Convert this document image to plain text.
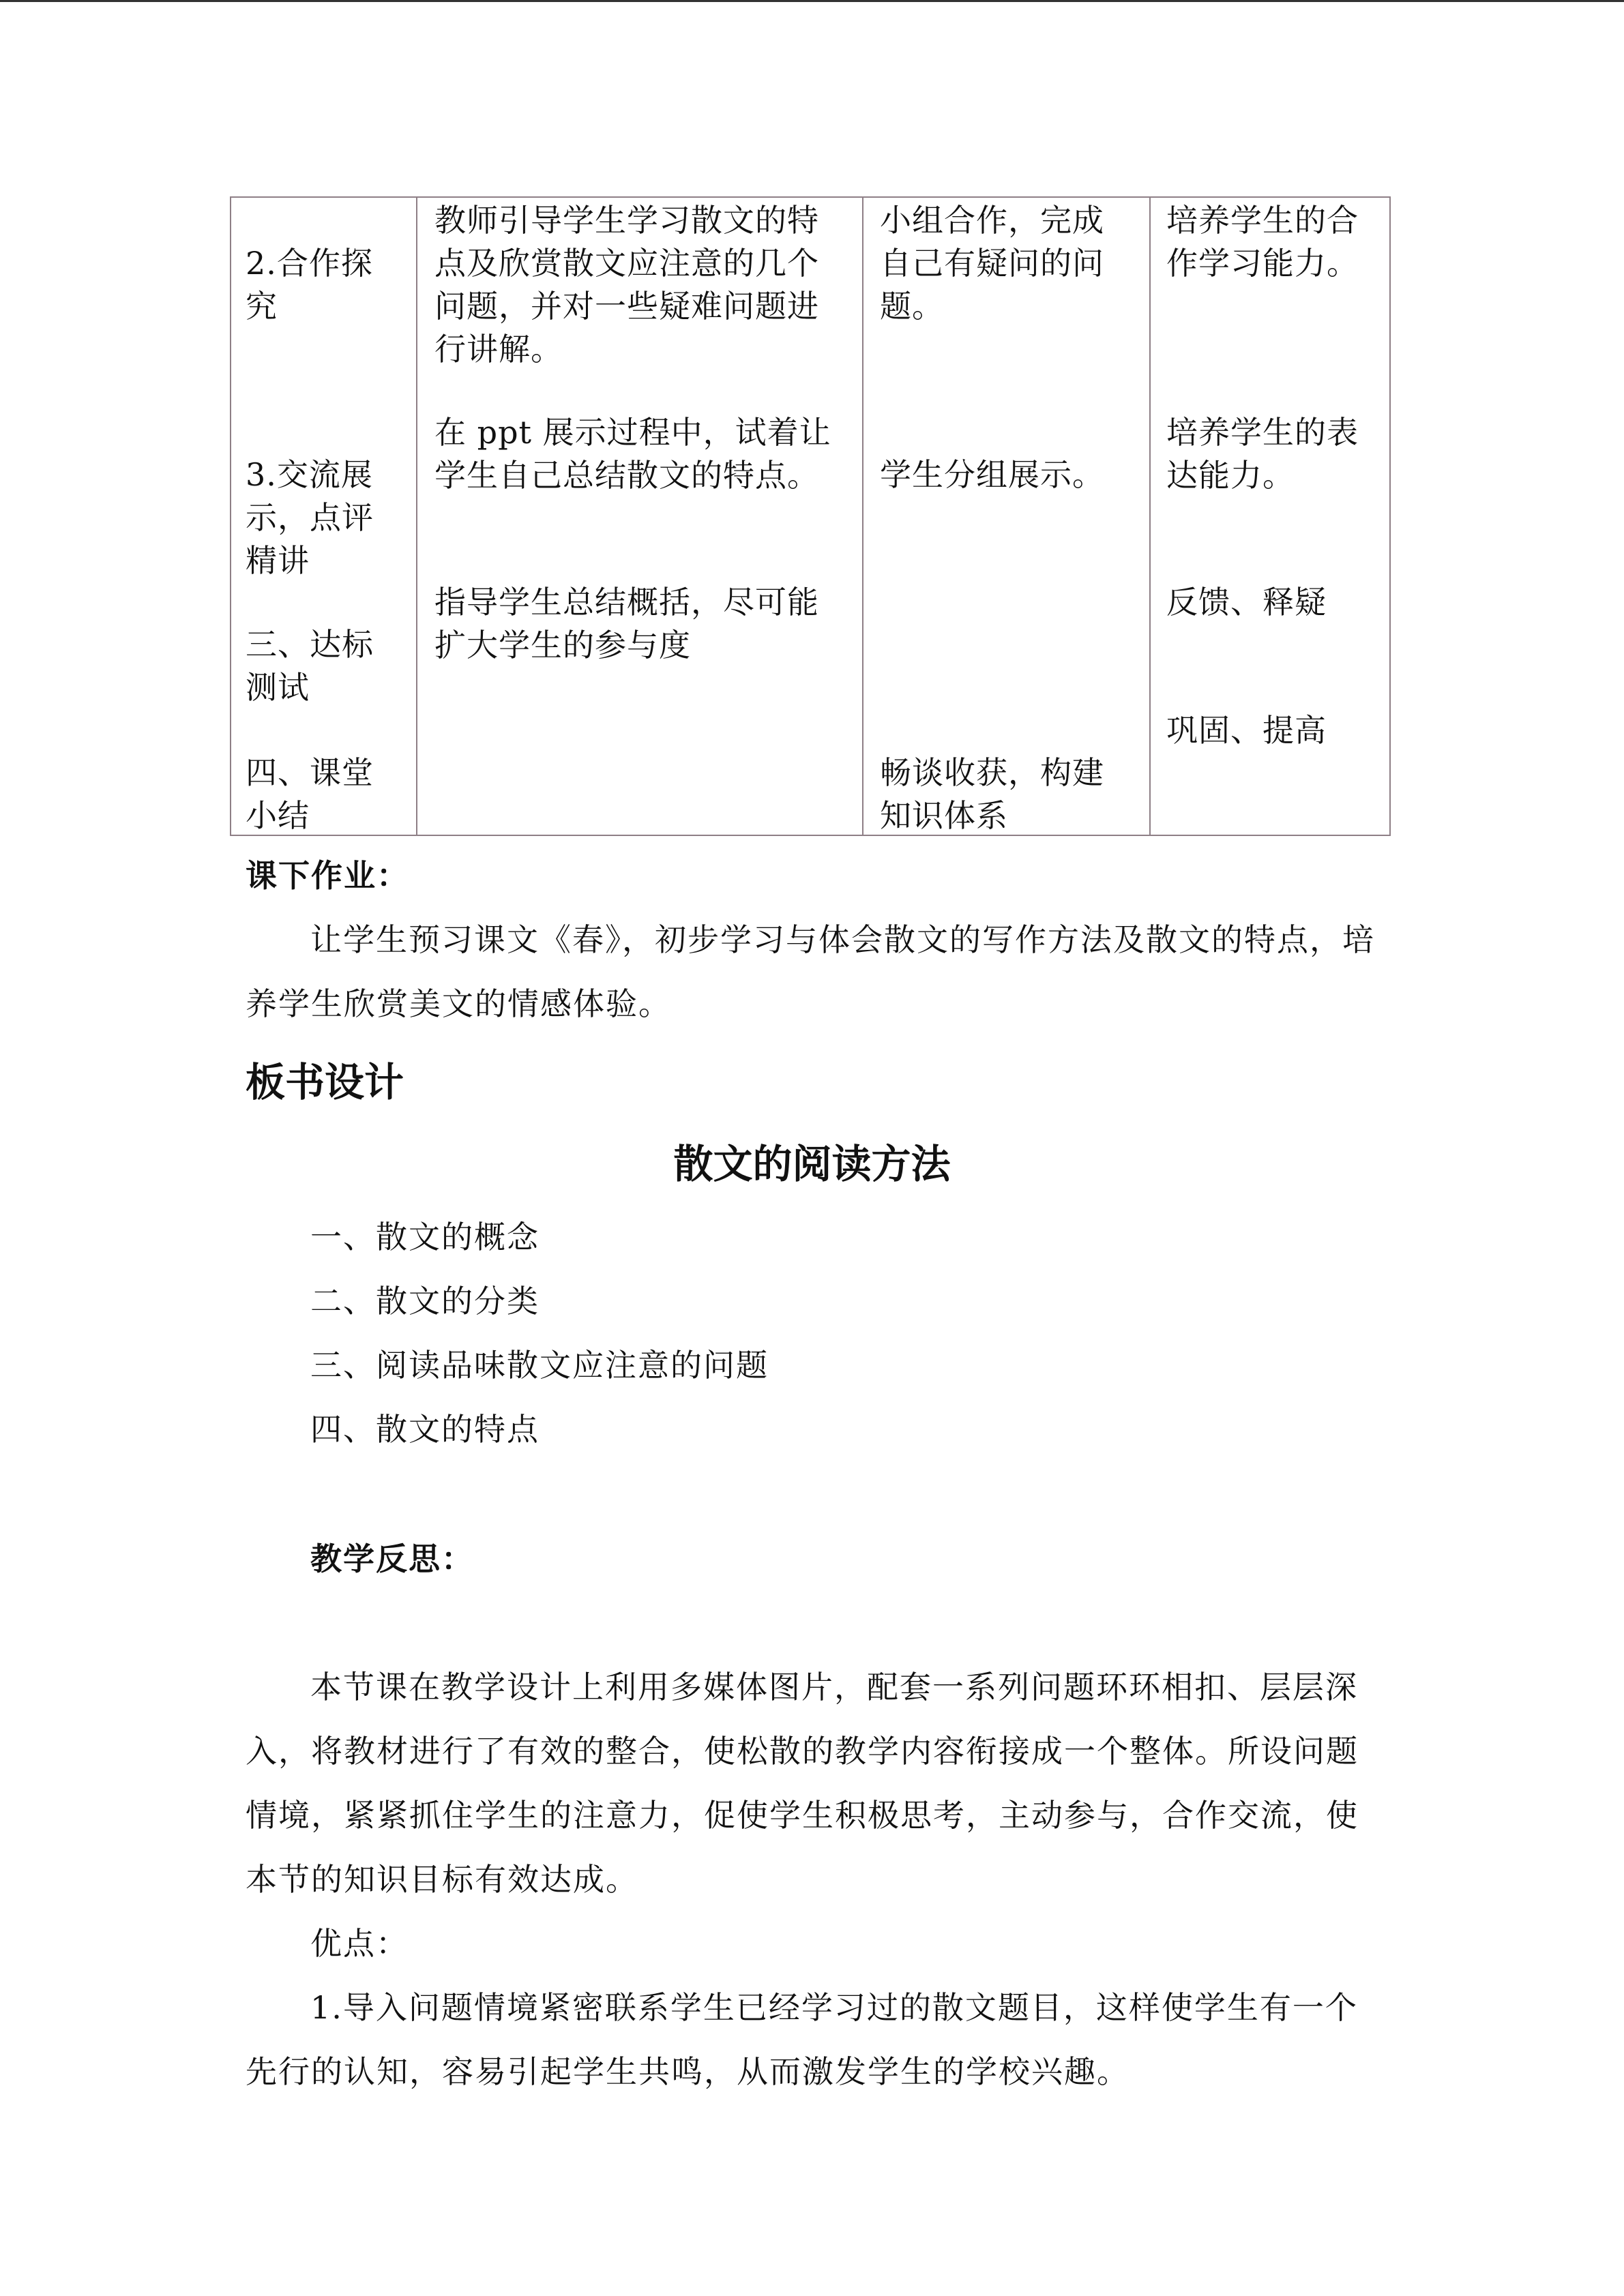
2.合作探
究
3.交流展
示，点评
精讲
三、达标
测试
四、课堂
小结
教师引导学生学习散文的特
点及欣赏散文应注意的几个
问题，并对一些疑难问题进
行讲解。
在 ppt 展示过程中，试着让
学生自己总结散文的特点。
指导学生总结概括，尽可能
扩大学生的参与度
小组合作，完成
自己有疑问的问
题。
学生分组展示。
畅谈收获，构建
知识体系
培养学生的合
作学习能力。
培养学生的表
达能力。
反馈、释疑
巩固、提高
课下作业：
让学生预习课文《春》，初步学习与体会散文的写作方法及散文的特点，培
养学生欣赏美文的情感体验。
板书设计
散文的阅读方法
一、散文的概念
二、散文的分类
三、阅读品味散文应注意的问题
四、散文的特点
教学反思：
本节课在教学设计上利用多媒体图片，配套一系列问题环环相扣、层层深
入，将教材进行了有效的整合，使松散的教学内容衔接成一个整体。所设问题
情境，紧紧抓住学生的注意力，促使学生积极思考，主动参与，合作交流，使
本节的知识目标有效达成。
优点：
1.导入问题情境紧密联系学生已经学习过的散文题目，这样使学生有一个
先行的认知，容易引起学生共鸣，从而激发学生的学校兴趣。
